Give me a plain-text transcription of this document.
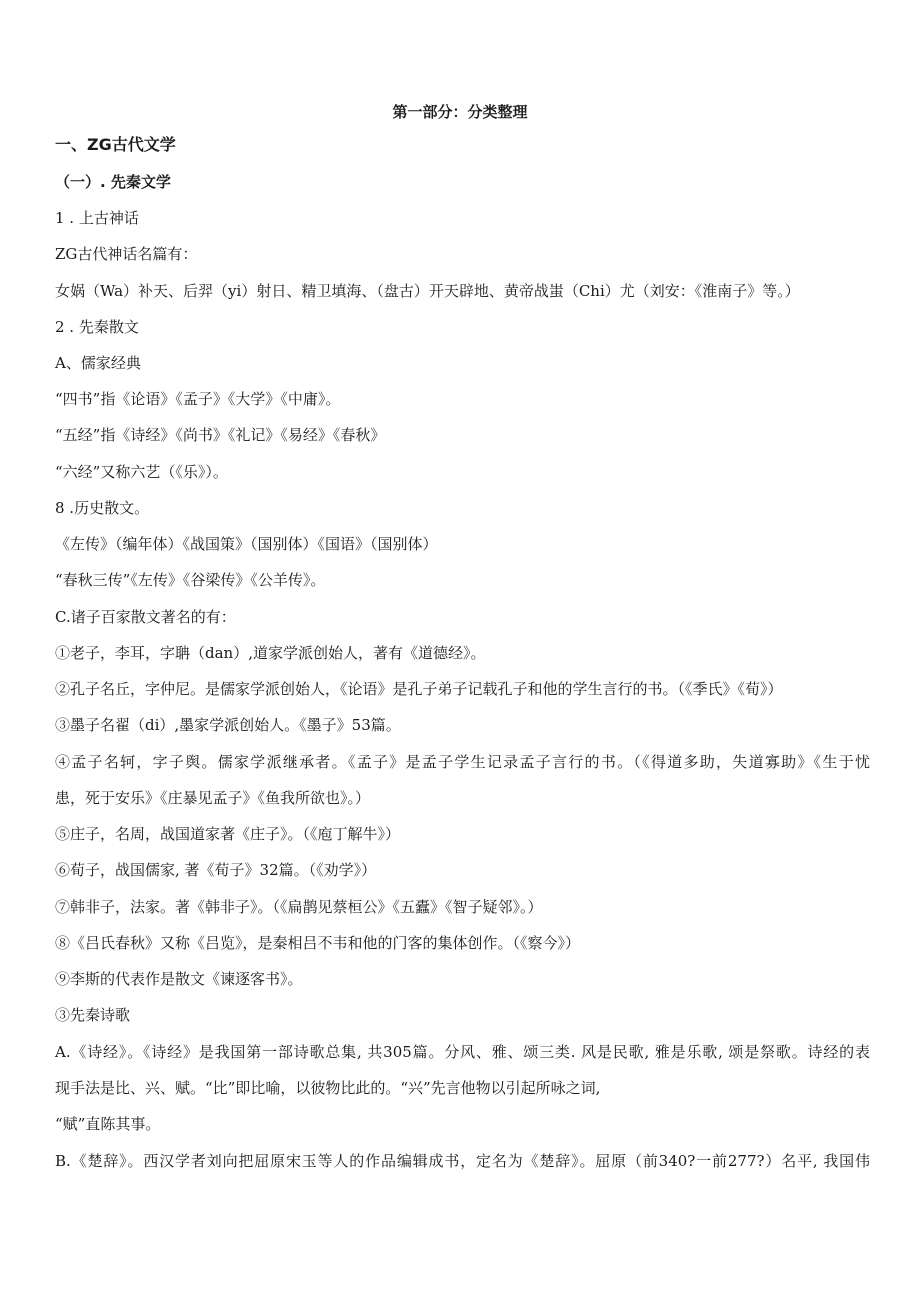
第一部分：分类整理
一、ZG古代文学
（一）. 先秦文学
1 . 上古神话
ZG古代神话名篇有：
女娲（Wa）补天、后羿（yi）射日、精卫填海、（盘古）开天辟地、黄帝战蚩（Chi）尤（刘安：《淮南子》等。）
2 . 先秦散文
A、儒家经典
“四书”指《论语》《孟子》《大学》《中庸》。
“五经”指《诗经》《尚书》《礼记》《易经》《春秋》
“六经”又称六艺（《乐》）。
8 .历史散文。
《左传》（编年体）《战国策》（国别体）《国语》（国别体）
“春秋三传”《左传》《谷梁传》《公羊传》。
C.诸子百家散文著名的有：
①老子，李耳，字聃（dan）,道家学派创始人，著有《道德经》。
②孔子名丘，字仲尼。是儒家学派创始人，《论语》是孔子弟子记载孔子和他的学生言行的书。（《季氏》《荀》）
③墨子名翟（di）,墨家学派创始人。《墨子》53篇。
④孟子名轲，字子舆。儒家学派继承者。《孟子》是孟子学生记录孟子言行的书。（《得道多助，失道寡助》《生于忧
患，死于安乐》《庄暴见孟子》《鱼我所欲也》。）
⑤庄子，名周，战国道家著《庄子》。（《庖丁解牛》）
⑥荀子，战国儒家, 著《荀子》32篇。（《劝学》）
⑦韩非子，法家。著《韩非子》。（《扁鹊见蔡桓公》《五蠹》《智子疑邻》。）
⑧《吕氏春秋》又称《吕览》，是秦相吕不韦和他的门客的集体创作。（《察今》）
⑨李斯的代表作是散文《谏逐客书》。
③先秦诗歌
A.《诗经》。《诗经》是我国第一部诗歌总集, 共305篇。分风、雅、颂三类. 风是民歌, 雅是乐歌, 颂是祭歌。诗经的表
现手法是比、兴、赋。“比”即比喻，以彼物比此的。“兴”先言他物以引起所咏之词,
“赋”直陈其事。
B.《楚辞》。西汉学者刘向把屈原宋玉等人的作品编辑成书，定名为《楚辞》。屈原（前340?一前277?）名平, 我国伟
